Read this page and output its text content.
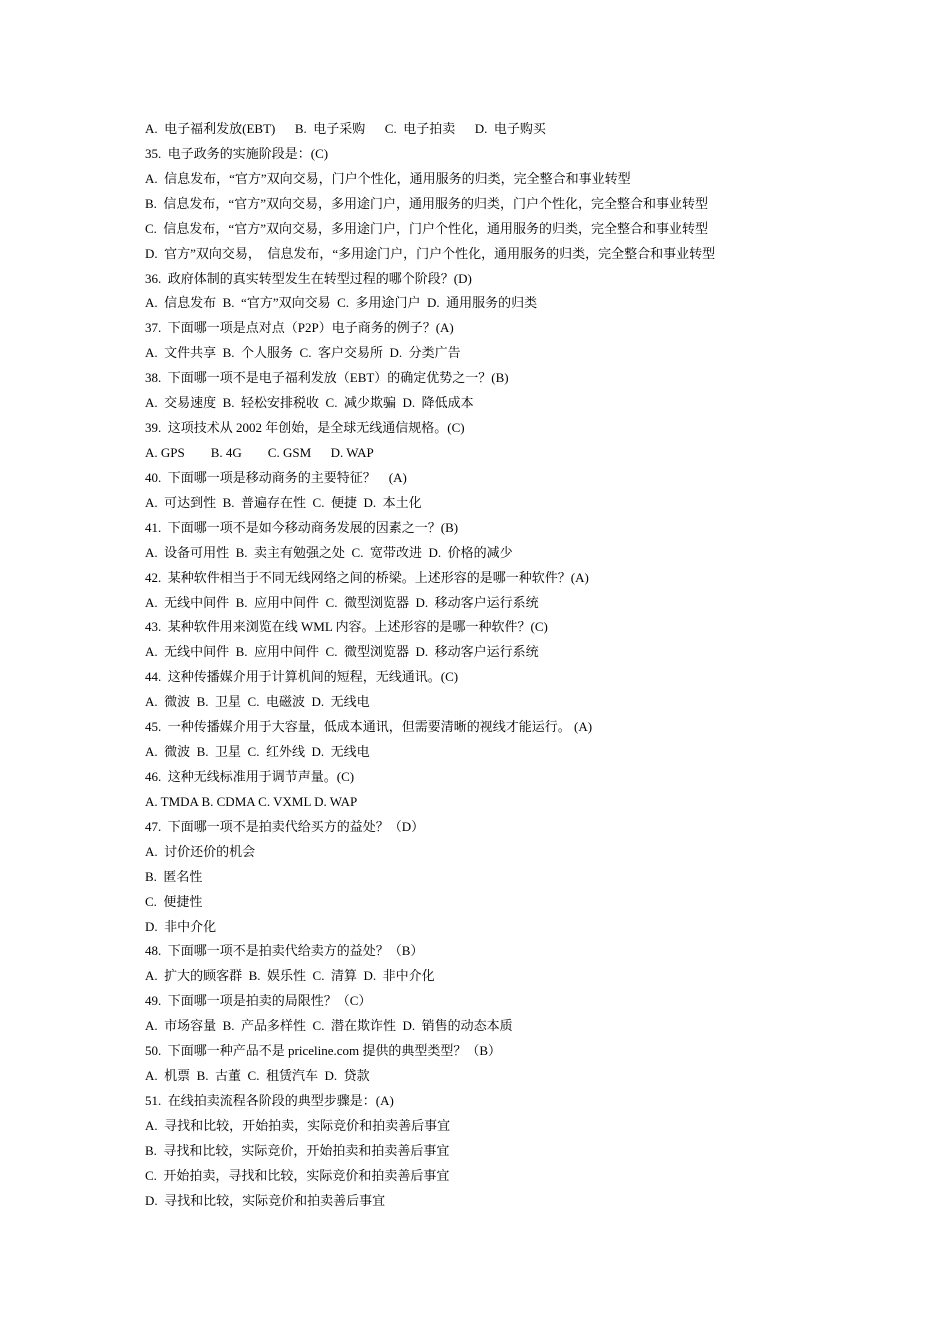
A.  电子福利发放(EBT)      B.  电子采购      C.  电子拍卖      D.  电子购买
35.  电子政务的实施阶段是：(C)
A.  信息发布，“官方”双向交易，门户个性化，通用服务的归类，完全整合和事业转型
B.  信息发布，“官方”双向交易，多用途门户，通用服务的归类，门户个性化，完全整合和事业转型
C.  信息发布，“官方”双向交易，多用途门户，门户个性化，通用服务的归类，完全整合和事业转型
D.  官方”双向交易，  信息发布，“多用途门户，门户个性化，通用服务的归类，完全整合和事业转型
36.  政府体制的真实转型发生在转型过程的哪个阶段？(D)
A.  信息发布  B.  “官方”双向交易  C.  多用途门户  D.  通用服务的归类
37.  下面哪一项是点对点（P2P）电子商务的例子？(A)
A.  文件共享  B.  个人服务  C.  客户交易所  D.  分类广告
38.  下面哪一项不是电子福利发放（EBT）的确定优势之一？(B)
A.  交易速度  B.  轻松安排税收  C.  减少欺骗  D.  降低成本
39.  这项技术从 2002 年创始，是全球无线通信规格。(C)
A. GPS        B. 4G        C. GSM      D. WAP
40.  下面哪一项是移动商务的主要特征？    (A)
A.  可达到性  B.  普遍存在性  C.  便捷  D.  本土化
41.  下面哪一项不是如今移动商务发展的因素之一？(B)
A.  设备可用性  B.  卖主有勉强之处  C.  宽带改进  D.  价格的减少
42.  某种软件相当于不同无线网络之间的桥梁。上述形容的是哪一种软件？(A)
A.  无线中间件  B.  应用中间件  C.  微型浏览器  D.  移动客户运行系统
43.  某种软件用来浏览在线 WML 内容。上述形容的是哪一种软件？(C)
A.  无线中间件  B.  应用中间件  C.  微型浏览器  D.  移动客户运行系统
44.  这种传播媒介用于计算机间的短程，无线通讯。(C)
A.  微波  B.  卫星  C.  电磁波  D.  无线电
45.  一种传播媒介用于大容量，低成本通讯，但需要清晰的视线才能运行。 (A)
A.  微波  B.  卫星  C.  红外线  D.  无线电
46.  这种无线标准用于调节声量。(C)
A. TMDA B. CDMA C. VXML D. WAP
47.  下面哪一项不是拍卖代给买方的益处？（D）
A.  讨价还价的机会
B.  匿名性
C.  便捷性
D.  非中介化
48.  下面哪一项不是拍卖代给卖方的益处？（B）
A.  扩大的顾客群  B.  娱乐性  C.  清算  D.  非中介化
49.  下面哪一项是拍卖的局限性？（C）
A.  市场容量  B.  产品多样性  C.  潜在欺诈性  D.  销售的动态本质
50.  下面哪一种产品不是 priceline.com 提供的典型类型？（B）
A.  机票  B.  古董  C.  租赁汽车  D.  贷款
51.  在线拍卖流程各阶段的典型步骤是：(A)
A.  寻找和比较，开始拍卖，实际竞价和拍卖善后事宜
B.  寻找和比较，实际竞价，开始拍卖和拍卖善后事宜
C.  开始拍卖，寻找和比较，实际竞价和拍卖善后事宜
D.  寻找和比较，实际竞价和拍卖善后事宜
